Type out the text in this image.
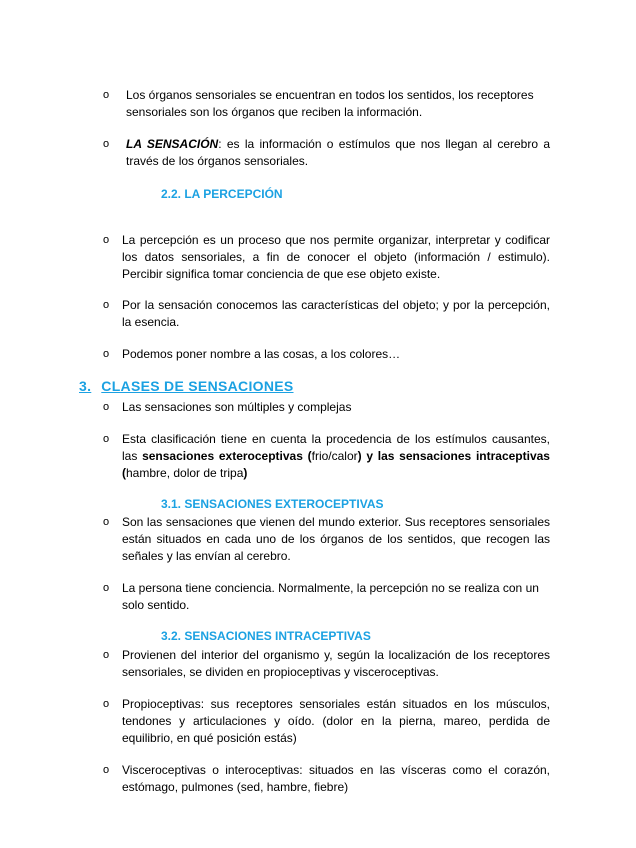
o	Los órganos sensoriales se encuentran en todos los sentidos, los receptores sensoriales son los órganos que reciben la información.
o	LA SENSACIÓN: es la información o estímulos que nos llegan al cerebro a través de los órganos sensoriales.
2.2. LA PERCEPCIÓN
o	La percepción es un proceso que nos permite organizar, interpretar y codificar los datos sensoriales, a fin de conocer el objeto (información / estimulo). Percibir significa tomar conciencia de que ese objeto existe.
o	Por la sensación conocemos las características del objeto; y por la percepción, la esencia.
o	Podemos poner nombre a las cosas, a los colores…
3. CLASES DE SENSACIONES
o	Las sensaciones son múltiples y complejas
o	Esta clasificación tiene en cuenta la procedencia de los estímulos causantes, las sensaciones exteroceptivas (frio/calor) y las sensaciones intraceptivas (hambre, dolor de tripa)
3.1. SENSACIONES EXTEROCEPTIVAS
o	Son las sensaciones que vienen del mundo exterior. Sus receptores sensoriales están situados en cada uno de los órganos de los sentidos, que recogen las señales y las envían al cerebro.
o	La persona tiene conciencia. Normalmente, la percepción no se realiza con un solo sentido.
3.2. SENSACIONES INTRACEPTIVAS
o	Provienen del interior del organismo y, según la localización de los receptores sensoriales, se dividen en propioceptivas y visceroceptivas.
o	Propioceptivas: sus receptores sensoriales están situados en los músculos, tendones y articulaciones y oído. (dolor en la pierna, mareo, perdida de equilibrio, en qué posición estás)
o	Visceroceptivas o interoceptivas: situados en las vísceras como el corazón, estómago, pulmones (sed, hambre, fiebre)
